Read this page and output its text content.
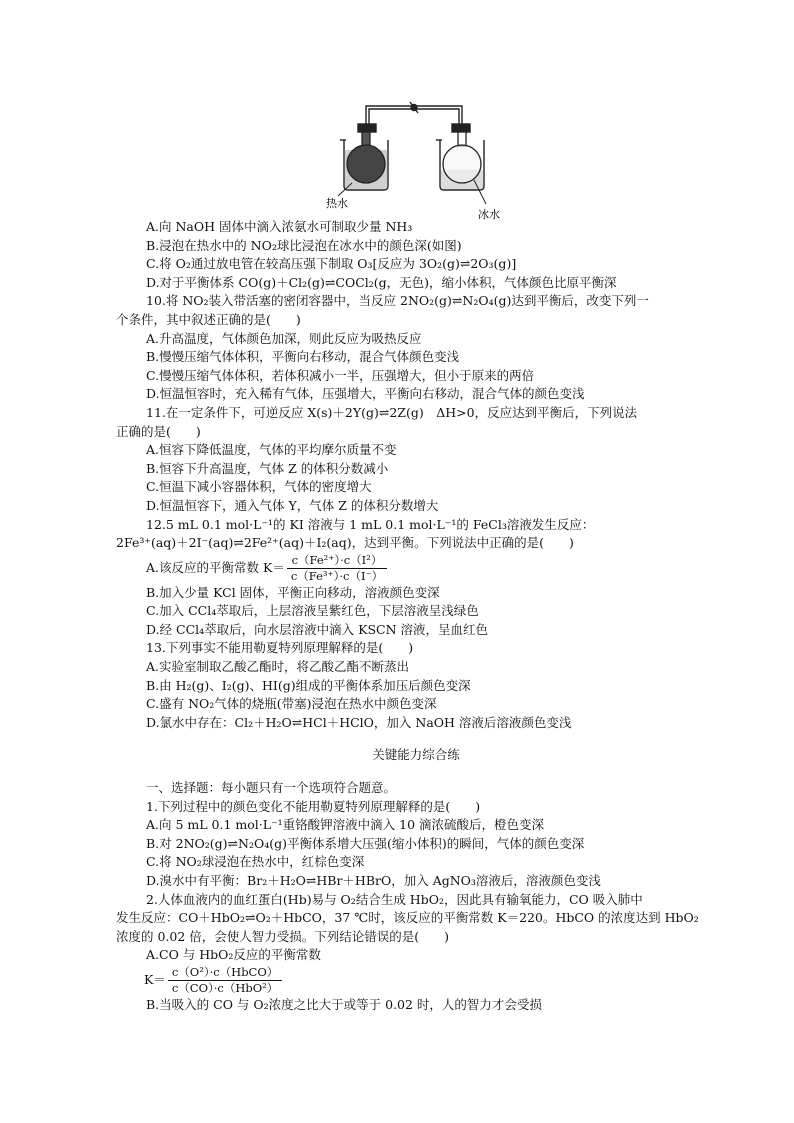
热水
冰水
A.向 NaOH 固体中滴入浓氨水可制取少量 NH₃
B.浸泡在热水中的 NO₂球比浸泡在冰水中的颜色深(如图)
C.将 O₂通过放电管在较高压强下制取 O₃[反应为 3O₂(g)⇌2O₃(g)]
D.对于平衡体系 CO(g)＋Cl₂(g)⇌COCl₂(g，无色)，缩小体积，气体颜色比原平衡深
10.将 NO₂装入带活塞的密闭容器中，当反应 2NO₂(g)⇌N₂O₄(g)达到平衡后，改变下列一
个条件，其中叙述正确的是(　　)
A.升高温度，气体颜色加深，则此反应为吸热反应
B.慢慢压缩气体体积，平衡向右移动，混合气体颜色变浅
C.慢慢压缩气体体积，若体积减小一半，压强增大，但小于原来的两倍
D.恒温恒容时，充入稀有气体，压强增大，平衡向右移动，混合气体的颜色变浅
11.在一定条件下，可逆反应 X(s)＋2Y(g)⇌2Z(g)　ΔH>0，反应达到平衡后，下列说法
正确的是(　　)
A.恒容下降低温度，气体的平均摩尔质量不变
B.恒容下升高温度，气体 Z 的体积分数减小
C.恒温下减小容器体积，气体的密度增大
D.恒温恒容下，通入气体 Y，气体 Z 的体积分数增大
12.5 mL 0.1 mol·L⁻¹的 KI 溶液与 1 mL 0.1 mol·L⁻¹的 FeCl₃溶液发生反应：
2Fe³⁺(aq)＋2I⁻(aq)⇌2Fe²⁺(aq)＋I₂(aq)，达到平衡。下列说法中正确的是(　　)
A.该反应的平衡常数 $K= \frac{\text{c（Fe²⁺）·c（I²）}}{\text{c（Fe³⁺）·c（I⁻）}}$
B.加入少量 KCl 固体，平衡正向移动，溶液颜色变深
C.加入 CCl₄萃取后，上层溶液呈紫红色，下层溶液呈浅绿色
D.经 CCl₄萃取后，向水层溶液中滴入 KSCN 溶液，呈血红色
13.下列事实不能用勒夏特列原理解释的是(　　)
A.实验室制取乙酸乙酯时，将乙酸乙酯不断蒸出
B.由 H₂(g)、I₂(g)、HI(g)组成的平衡体系加压后颜色变深
C.盛有 NO₂气体的烧瓶(带塞)浸泡在热水中颜色变深
D.氯水中存在：Cl₂＋H₂O⇌HCl＋HClO，加入 NaOH 溶液后溶液颜色变浅
关键能力综合练
一、选择题：每小题只有一个选项符合题意。
1.下列过程中的颜色变化不能用勒夏特列原理解释的是(　　)
A.向 5 mL 0.1 mol·L⁻¹重铬酸钾溶液中滴入 10 滴浓硫酸后，橙色变深
B.对 2NO₂(g)⇌N₂O₄(g)平衡体系增大压强(缩小体积)的瞬间，气体的颜色变深
C.将 NO₂球浸泡在热水中，红棕色变深
D.溴水中有平衡：Br₂＋H₂O⇌HBr＋HBrO，加入 AgNO₃溶液后，溶液颜色变浅
2.人体血液内的血红蛋白(Hb)易与 O₂结合生成 HbO₂，因此具有输氧能力，CO 吸入肺中
发生反应：CO＋HbO₂⇌O₂＋HbCO，37 ℃时，该反应的平衡常数 K＝220。HbCO 的浓度达到 HbO₂
浓度的 0.02 倍，会使人智力受损。下列结论错误的是(　　)
A.CO 与 HbO₂反应的平衡常数
$K= \frac{\text{c（O²）·c（HbCO）}}{\text{c（CO）·c（HbO²）}}$
B.当吸入的 CO 与 O₂浓度之比大于或等于 0.02 时，人的智力才会受损
